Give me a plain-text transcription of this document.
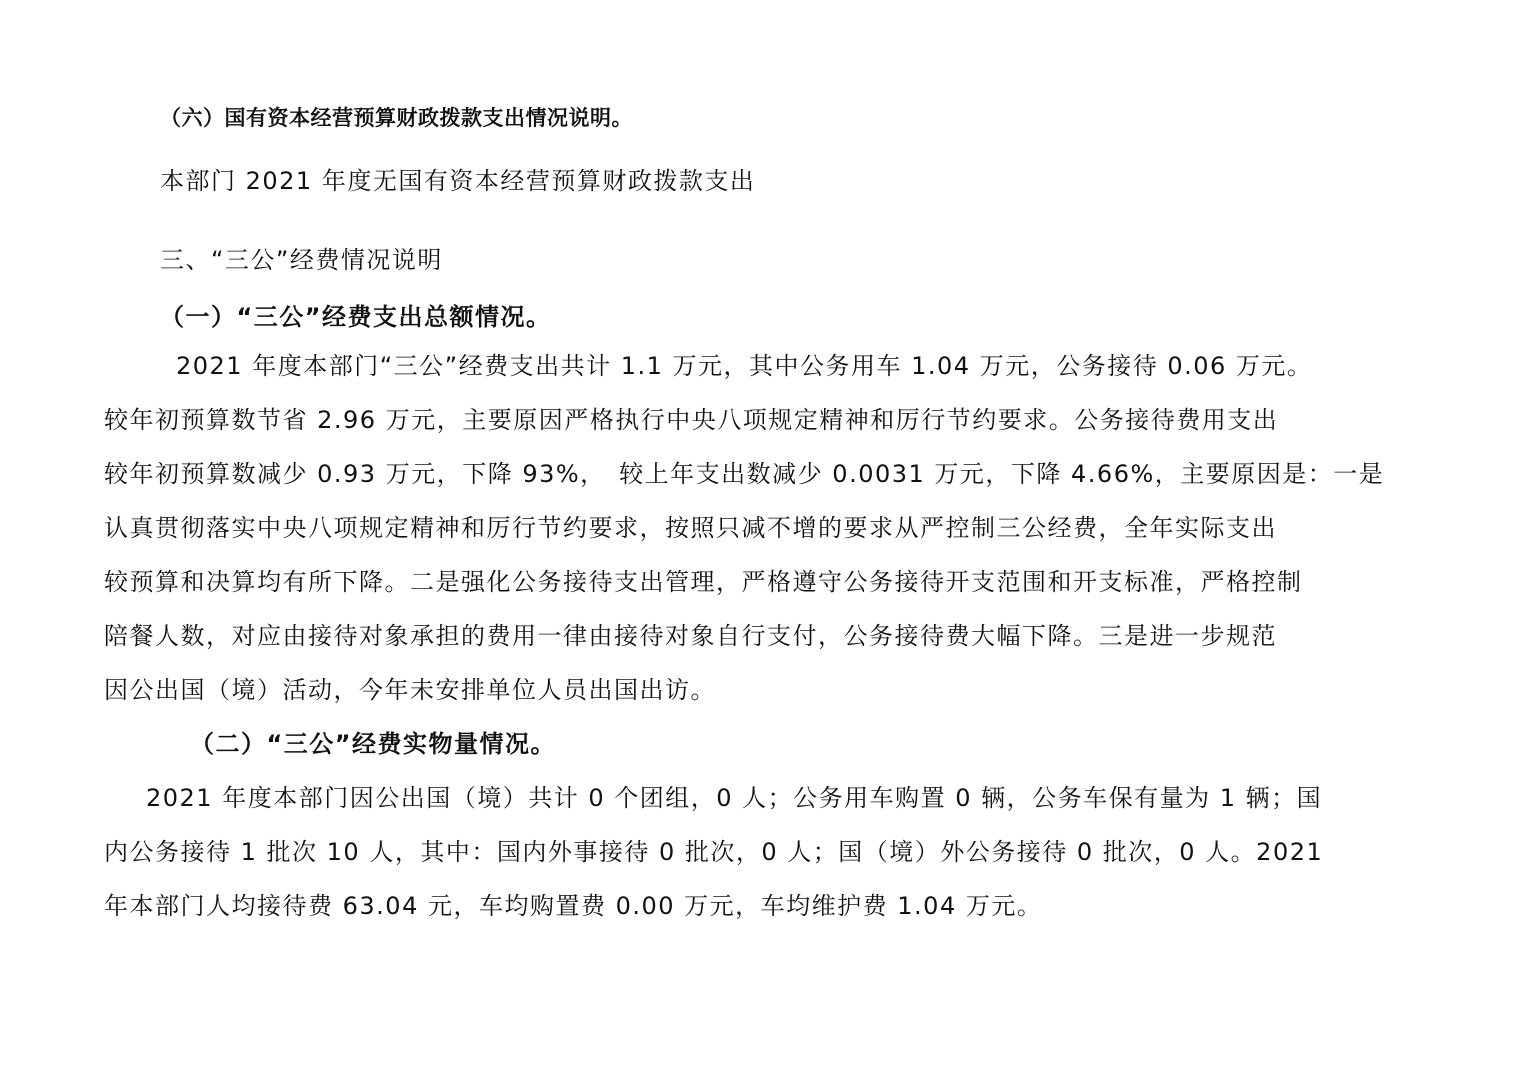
（六）国有资本经营预算财政拨款支出情况说明。
本部门 2021 年度无国有资本经营预算财政拨款支出
三、“三公”经费情况说明
（一）“三公”经费支出总额情况。
2021 年度本部门“三公”经费支出共计 1.1 万元，其中公务用车 1.04 万元，公务接待 0.06 万元。
较年初预算数节省 2.96 万元，主要原因严格执行中央八项规定精神和厉行节约要求。公务接待费用支出
较年初预算数减少 0.93 万元，下降 93%，　较上年支出数减少 0.0031 万元，下降 4.66%，主要原因是：一是
认真贯彻落实中央八项规定精神和厉行节约要求，按照只减不增的要求从严控制三公经费，全年实际支出
较预算和决算均有所下降。二是强化公务接待支出管理，严格遵守公务接待开支范围和开支标准，严格控制
陪餐人数，对应由接待对象承担的费用一律由接待对象自行支付，公务接待费大幅下降。三是进一步规范
因公出国（境）活动，今年未安排单位人员出国出访。
（二）“三公”经费实物量情况。
2021 年度本部门因公出国（境）共计 0 个团组，0 人；公务用车购置 0 辆，公务车保有量为 1 辆；国
内公务接待 1 批次 10 人，其中：国内外事接待 0 批次，0 人；国（境）外公务接待 0 批次，0 人。2021
年本部门人均接待费 63.04 元，车均购置费 0.00 万元，车均维护费 1.04 万元。
